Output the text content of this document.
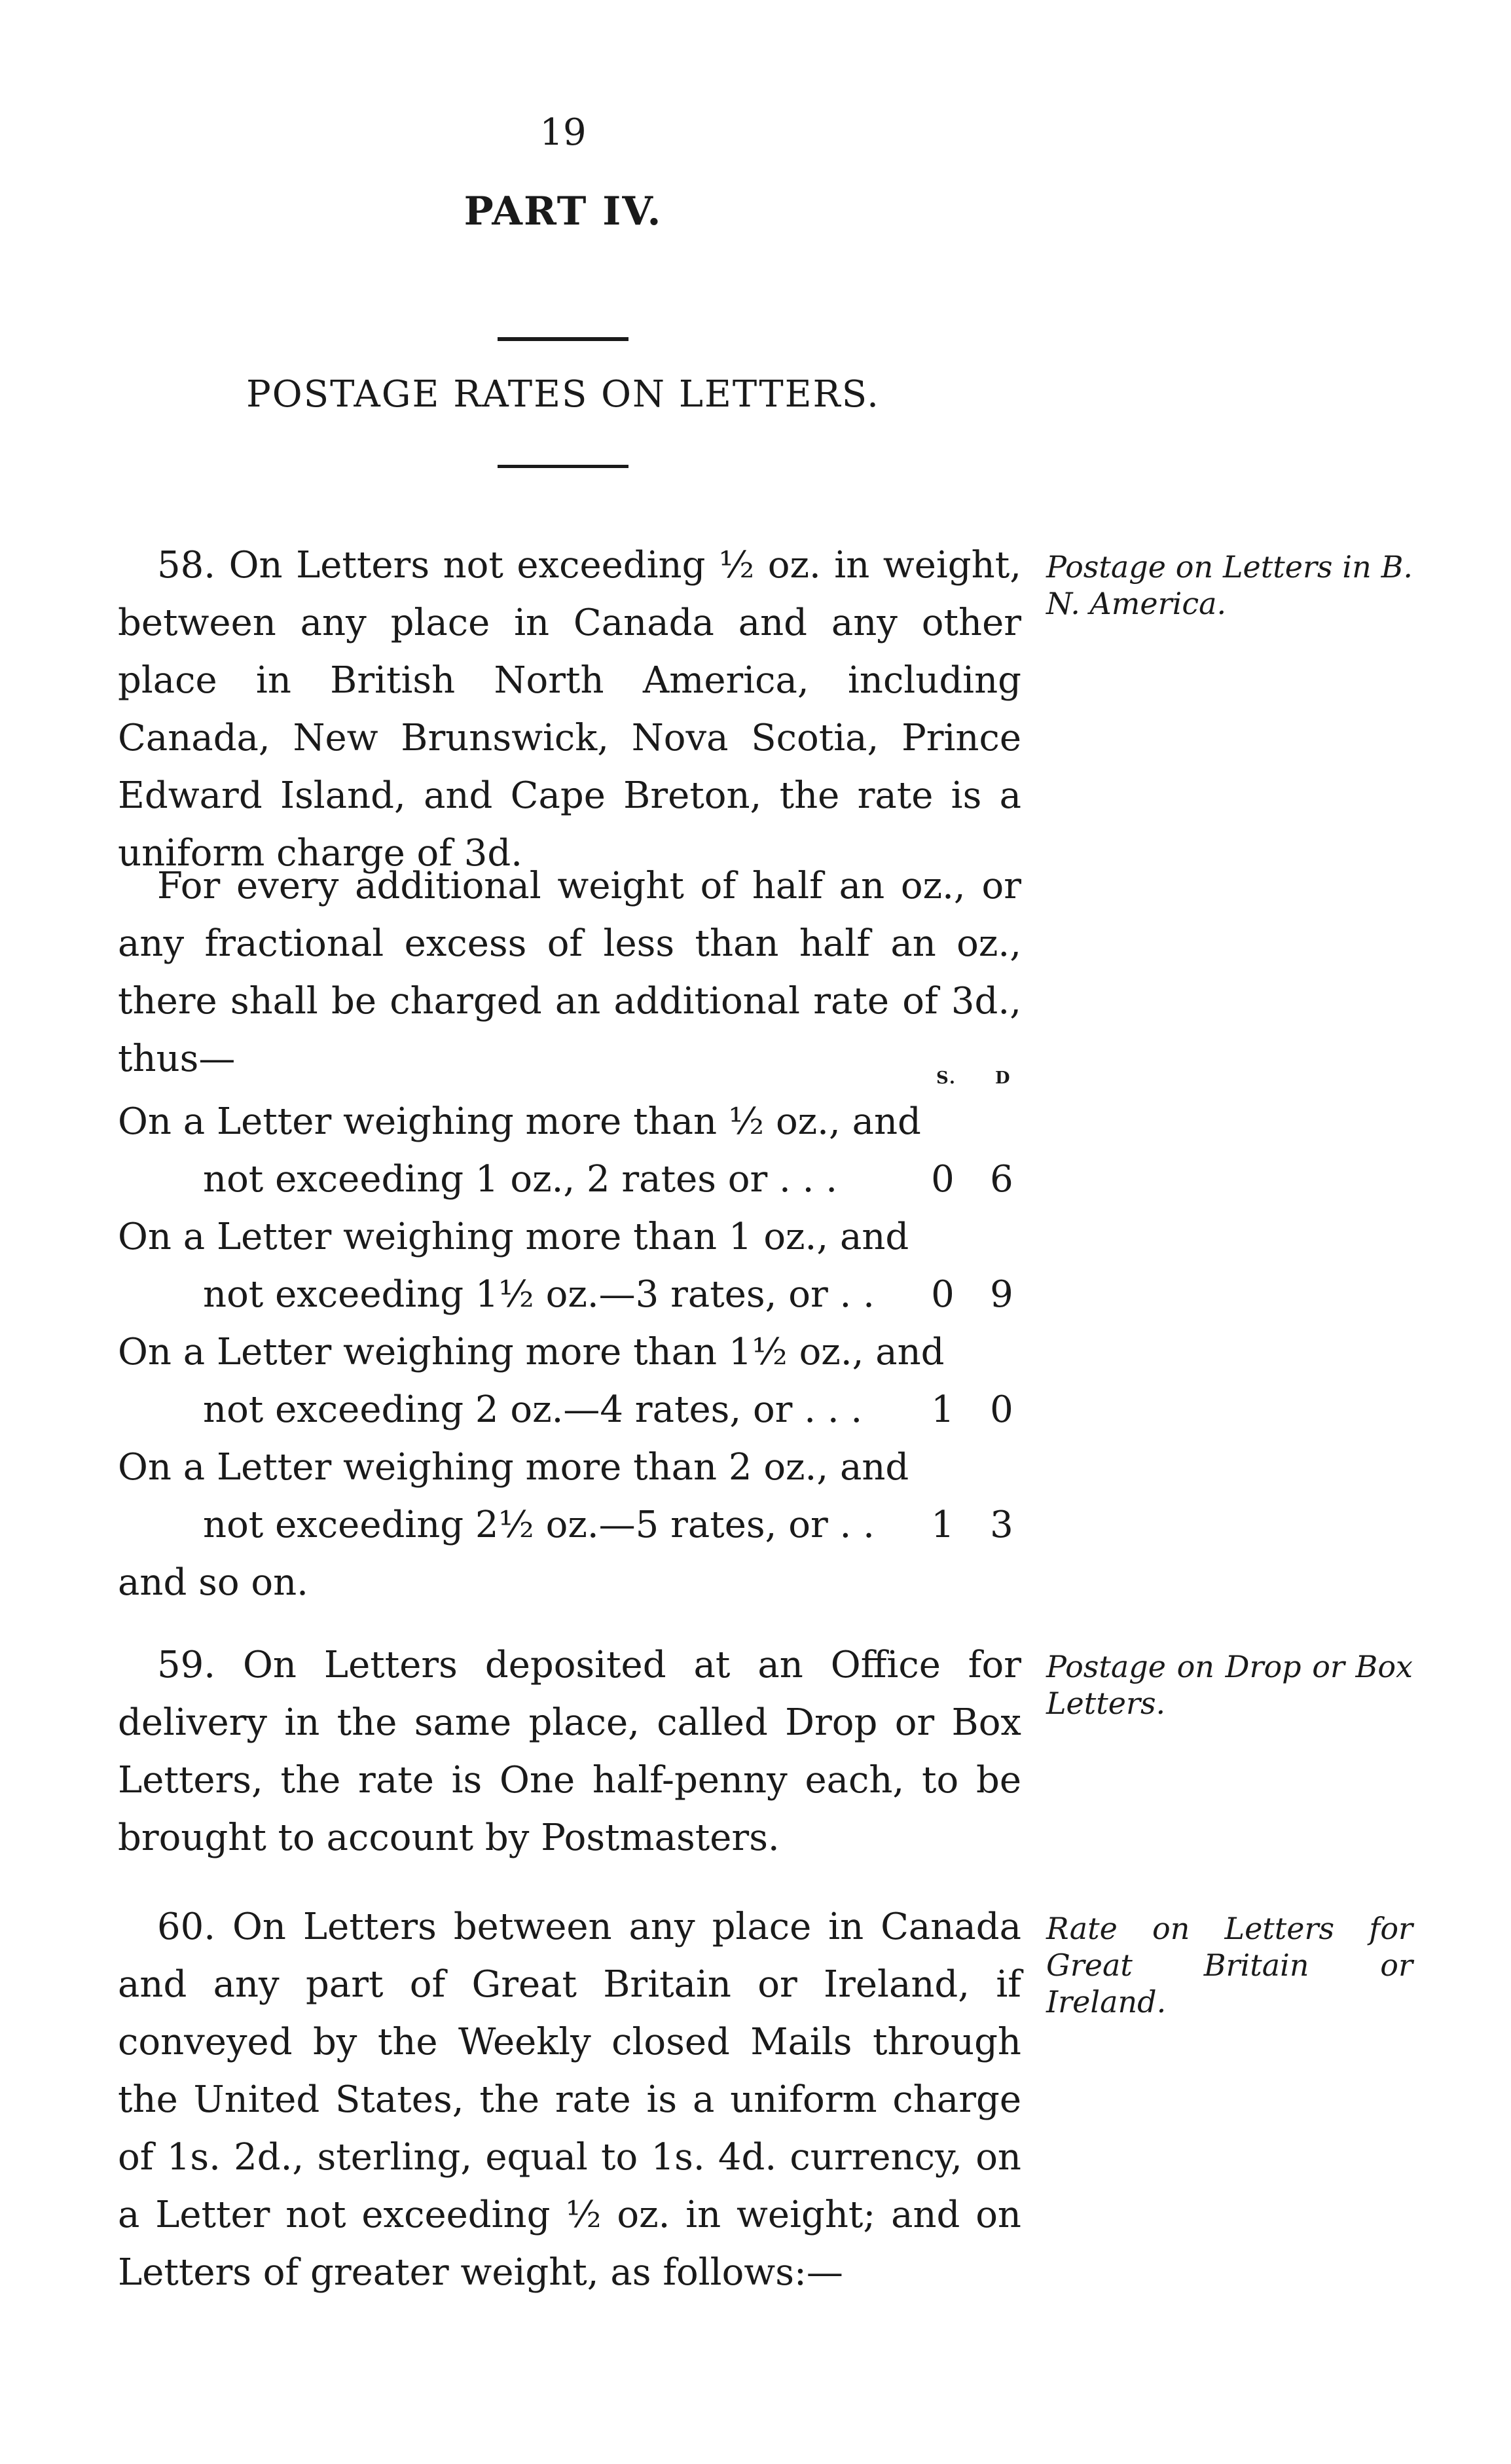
19
PART IV.
POSTAGE RATES ON LETTERS.

58. On Letters not exceeding ½ oz. in weight, between any place in Canada and any other place in British North America, including Canada, New Brunswick, Nova Scotia, Prince Edward Island, and Cape Breton, the rate is a uniform charge of 3d.

Postage on Letters in B. N. America.

For every additional weight of half an oz., or any fractional excess of less than half an oz., there shall be charged an additional rate of 3d., thus—	S. D
On a Letter weighing more than ½ oz., and
not exceeding 1 oz., 2 rates or . . .	0 6
On a Letter weighing more than 1 oz., and
not exceeding 1½ oz.—3 rates, or . . 0 9
On a Letter weighing more than 1½ oz., and
not exceeding 2 oz.—4 rates, or . . . 1 0
On a Letter weighing more than 2 oz., and
not exceeding 2½ oz.—5 rates, or . . 1 3
and so on.

59. On Letters deposited at an Office for delivery in the same place, called Drop or Box Letters, the rate is One half-penny each, to be brought to account by Postmasters.

Postage on Drop or Box Letters.

60. On Letters between any place in Canada and any part of Great Britain or Ireland, if conveyed by the Weekly closed Mails through the United States, the rate is a uniform charge of 1s. 2d., sterling, equal to 1s. 4d. currency, on a Letter not exceeding ½ oz. in weight; and on Letters of greater weight, as follows:—

Rate on Letters for Great Britain or Ireland.
